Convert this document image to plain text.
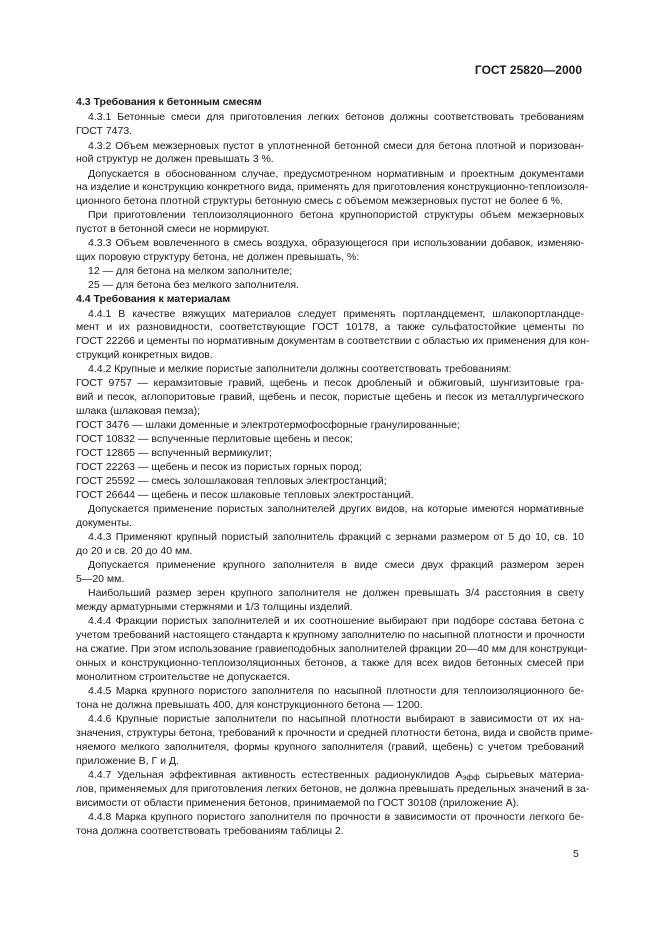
ГОСТ 25820—2000
4.3 Требования к бетонным смесям
4.3.1 Бетонные смеси для приготовления легких бетонов должны соответствовать требованиям
ГОСТ 7473.
4.3.2 Объем межзерновых пустот в уплотненной бетонной смеси для бетона плотной и поризован-
ной структур не должен превышать 3 %.
Допускается в обоснованном случае, предусмотренном нормативным и проектным документами
на изделие и конструкцию конкретного вида, применять для приготовления конструкционно-теплоизоля-
ционного бетона плотной структуры бетонную смесь с объемом межзерновых пустот не более 6 %.
При приготовлении теплоизоляционного бетона крупнопористой структуры объем межзерновых
пустот в бетонной смеси не нормируют.
4.3.3 Объем вовлеченного в смесь воздуха, образующегося при использовании добавок, изменяю-
щих поровую структуру бетона, не должен превышать, %:
12 — для бетона на мелком заполнителе;
25 — для бетона без мелкого заполнителя.
4.4 Требования к материалам
4.4.1 В качестве вяжущих материалов следует применять портландцемент, шлакопортландце-
мент и их разновидности, соответствующие ГОСТ 10178, а также сульфатостойкие цементы по
ГОСТ 22266 и цементы по нормативным документам в соответствии с областью их применения для кон-
струкций конкретных видов.
4.4.2 Крупные и мелкие пористые заполнители должны соответствовать требованиям:
ГОСТ 9757 — керамзитовые гравий, щебень и песок дробленый и обжиговый, шунгизитовые гра-
вий и песок, аглопоритовые гравий, щебень и песок, пористые щебень и песок из металлургического
шлака (шлаковая пемза);
ГОСТ 3476 — шлаки доменные и электротермофосфорные гранулированные;
ГОСТ 10832 — вспученные перлитовые щебень и песок;
ГОСТ 12865 — вспученный вермикулит;
ГОСТ 22263 — щебень и песок из пористых горных пород;
ГОСТ 25592 — смесь золошлаковая тепловых электростанций;
ГОСТ 26644 — щебень и песок шлаковые тепловых электростанций.
Допускается применение пористых заполнителей других видов, на которые имеются нормативные
документы.
4.4.3 Применяют крупный пористый заполнитель фракций с зернами размером от 5 до 10, св. 10
до 20 и св. 20 до 40 мм.
Допускается применение крупного заполнителя в виде смеси двух фракций размером зерен
5—20 мм.
Наибольший размер зерен крупного заполнителя не должен превышать 3/4 расстояния в свету
между арматурными стержнями и 1/3 толщины изделий.
4.4.4 Фракции пористых заполнителей и их соотношение выбирают при подборе состава бетона с
учетом требований настоящего стандарта к крупному заполнителю по насыпной плотности и прочности
на сжатие. При этом использование гравиеподобных заполнителей фракции 20—40 мм для конструкци-
онных и конструкционно-теплоизоляционных бетонов, а также для всех видов бетонных смесей при
монолитном строительстве не допускается.
4.4.5 Марка крупного пористого заполнителя по насыпной плотности для теплоизоляционного бе-
тона не должна превышать 400, для конструкционного бетона — 1200.
4.4.6 Крупные пористые заполнители по насыпной плотности выбирают в зависимости от их на-
значения, структуры бетона, требований к прочности и средней плотности бетона, вида и свойств приме-
няемого мелкого заполнителя, формы крупного заполнителя (гравий, щебень) с учетом требований
приложение В, Г и Д.
4.4.7 Удельная эффективная активность естественных радионуклидов $A_{эфф}$ сырьевых материа-
лов, применяемых для приготовления легких бетонов, не должна превышать предельных значений в за-
висимости от области применения бетонов, принимаемой по ГОСТ 30108 (приложение А).
4.4.8 Марка крупного пористого заполнителя по прочности в зависимости от прочности легкого бе-
тона должна соответствовать требованиям таблицы 2.
5
